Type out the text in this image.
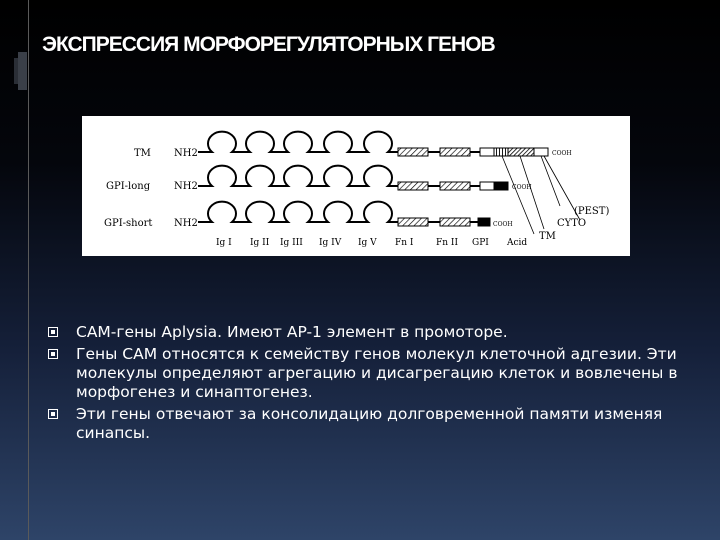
ЭКСПРЕССИЯ МОРФОРЕГУЛЯТОРНЫХ ГЕНОВ
TM NH2	COOH
GPI-long NH2	COOH
GPI-short NH2	COOH
(PEST)
CYTO
TM
Ig I Ig II Ig III Ig IV Ig V Fn I	Fn II GPI Acid
CAM-гены Aplysia. Имеют AP-1 элемент в промоторе.
Гены CAM относятся к семейству генов молекул клеточной адгезии. Эти молекулы определяют агрегацию и дисагрегацию клеток и вовлечены в морфогенез и синаптогенез.
Эти гены отвечают за консолидацию долговременной памяти изменяя синапсы.
